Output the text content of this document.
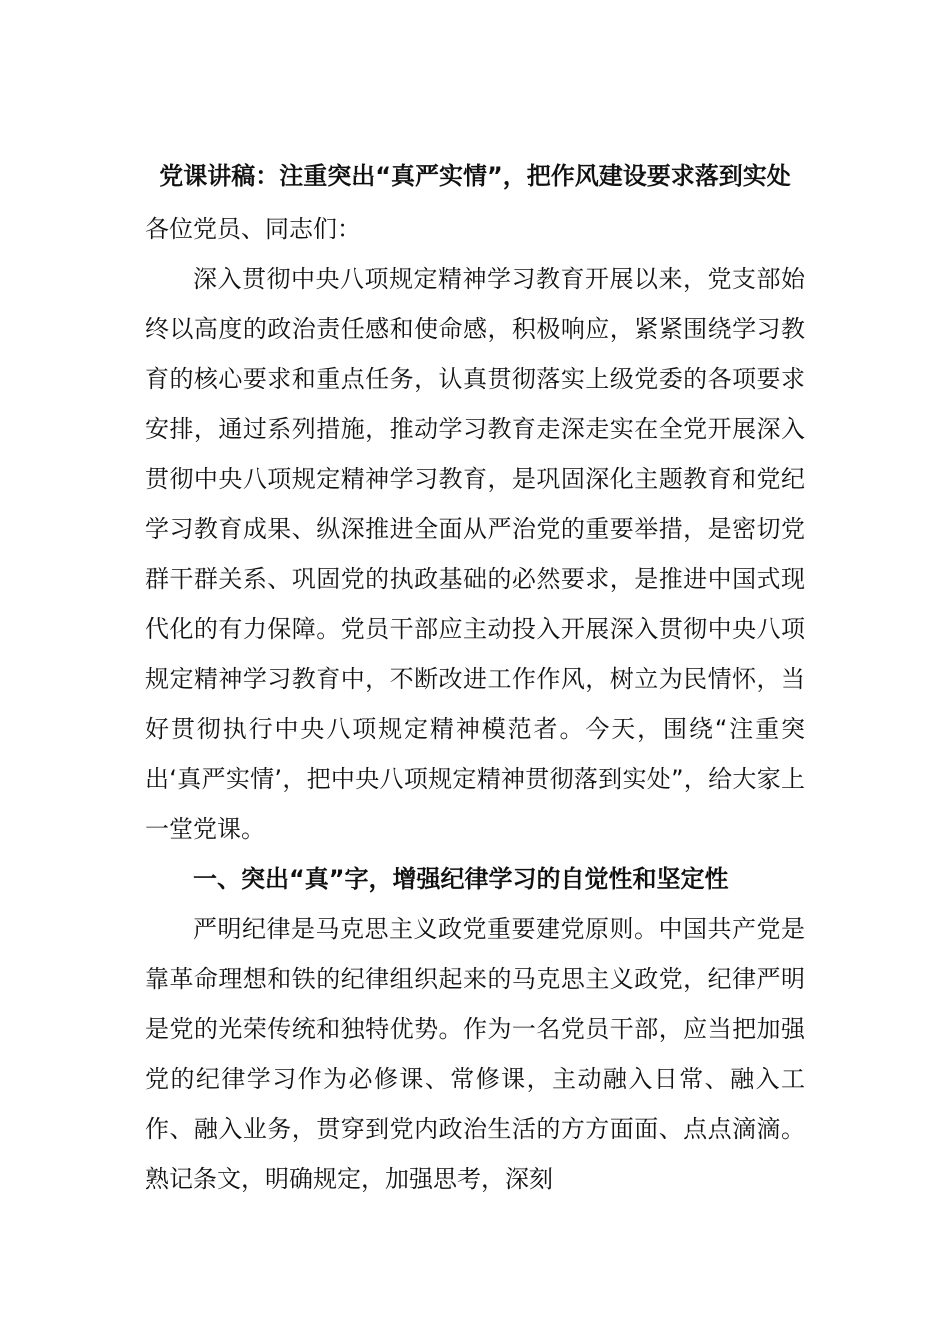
党课讲稿：注重突出“真严实情”，把作风建设要求落到实处

各位党员、同志们：

深入贯彻中央八项规定精神学习教育开展以来，党支部始终以高度的政治责任感和使命感，积极响应，紧紧围绕学习教育的核心要求和重点任务，认真贯彻落实上级党委的各项要求安排，通过系列措施，推动学习教育走深走实在全党开展深入贯彻中央八项规定精神学习教育，是巩固深化主题教育和党纪学习教育成果、纵深推进全面从严治党的重要举措，是密切党群干群关系、巩固党的执政基础的必然要求，是推进中国式现代化的有力保障。党员干部应主动投入开展深入贯彻中央八项规定精神学习教育中，不断改进工作作风，树立为民情怀，当好贯彻执行中央八项规定精神模范者。今天，围绕“注重突出‘真严实情’，把中央八项规定精神贯彻落到实处”，给大家上一堂党课。

一、突出“真”字，增强纪律学习的自觉性和坚定性

严明纪律是马克思主义政党重要建党原则。中国共产党是靠革命理想和铁的纪律组织起来的马克思主义政党，纪律严明是党的光荣传统和独特优势。作为一名党员干部，应当把加强党的纪律学习作为必修课、常修课，主动融入日常、融入工作、融入业务，贯穿到党内政治生活的方方面面、点点滴滴。熟记条文，明确规定，加强思考，深刻
